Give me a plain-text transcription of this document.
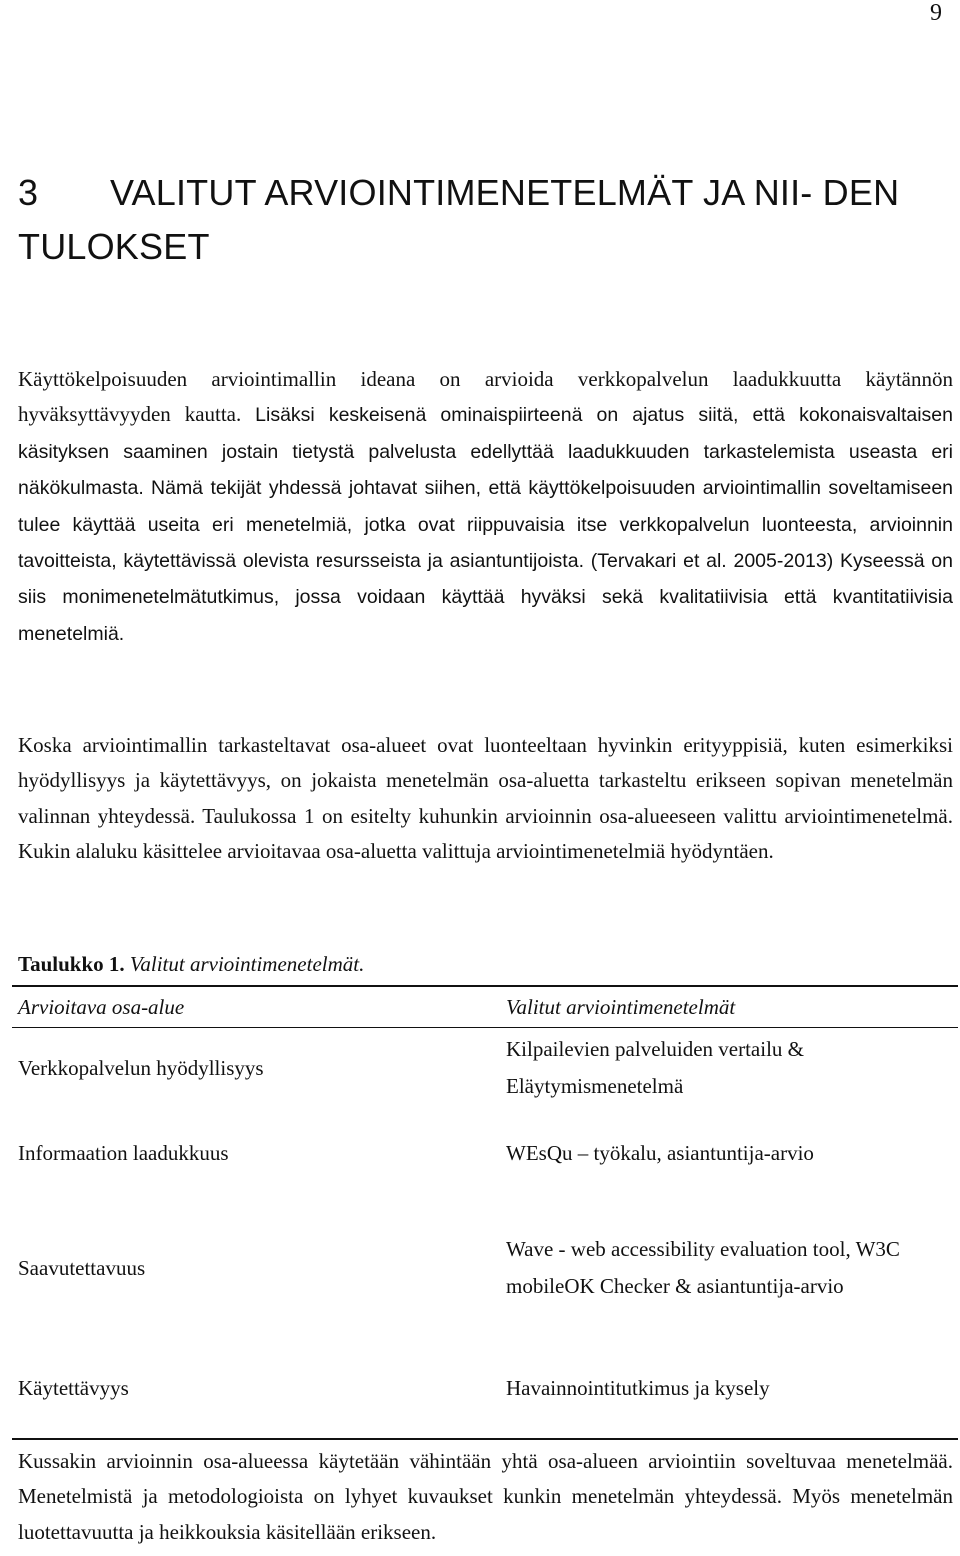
9
3 VALITUT ARVIOINTIMENETELMÄT JA NII- DEN TULOKSET

Käyttökelpoisuuden arviointimallin ideana on arvioida verkkopalvelun laadukkuutta käytännön hyväksyttävyyden kautta. Lisäksi keskeisenä ominaispiirteenä on ajatus siitä, että kokonaisvaltaisen käsityksen saaminen jostain tietystä palvelusta edellyttää laadukkuuden tarkastelemista useasta eri näkökulmasta. Nämä tekijät yhdessä johtavat siihen, että käyttökelpoisuuden arviointimallin soveltamiseen tulee käyttää useita eri menetelmiä, jotka ovat riippuvaisia itse verkkopalvelun luonteesta, arvioinnin tavoitteista, käytettävissä olevista resursseista ja asiantuntijoista. (Tervakari et al. 2005-2013) Kyseessä on siis monimenetelmätutkimus, jossa voidaan käyttää hyväksi sekä kvalitatiivisia että kvantitatiivisia menetelmiä.

Koska arviointimallin tarkasteltavat osa-alueet ovat luonteeltaan hyvinkin erityyppisiä, kuten esimerkiksi hyödyllisyys ja käytettävyys, on jokaista menetelmän osa-aluetta tarkasteltu erikseen sopivan menetelmän valinnan yhteydessä. Taulukossa 1 on esitelty kuhunkin arvioinnin osa-alueeseen valittu arviointimenetelmä. Kukin alaluku käsittelee arvioitavaa osa-aluetta valittuja arviointimenetelmiä hyödyntäen.

Taulukko 1. Valitut arviointimenetelmät.

Arvioitava osa-alue	Valitut arviointimenetelmät
Verkkopalvelun hyödyllisyys	Kilpailevien palveluiden vertailu & Eläytymismenetelmä
Informaation laadukkuus	WEsQu – työkalu, asiantuntija-arvio
Saavutettavuus	Wave - web accessibility evaluation tool, W3C mobileOK Checker & asiantuntija-arvio
Käytettävyys	Havainnointitutkimus ja kysely

Kussakin arvioinnin osa-alueessa käytetään vähintään yhtä osa-alueen arviointiin soveltuvaa menetelmää. Menetelmistä ja metodologioista on lyhyet kuvaukset kunkin menetelmän yhteydessä. Myös menetelmän luotettavuutta ja heikkouksia käsitellään erikseen.
